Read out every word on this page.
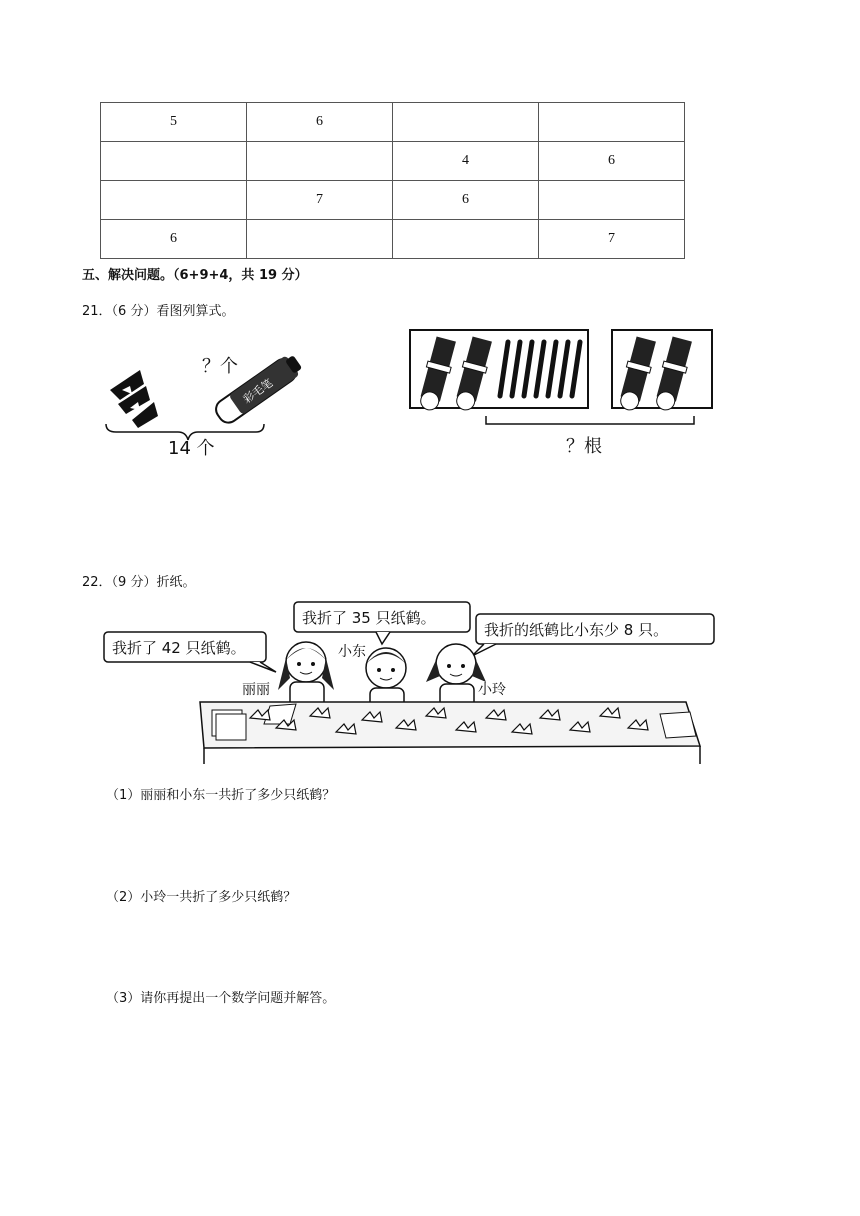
5	6		
		4	6
	7	6	
6			7
五、解决问题。（6+9+4，共 19 分）
21．（6 分）看图列算式。
？个
彩毛笔
14 个	？根
22．（9 分）折纸。
我折了 42 只纸鹤。
我折了 35 只纸鹤。
我折的纸鹤比小东少 8 只。
丽丽
小东
小玲
（1）丽丽和小东一共折了多少只纸鹤？
（2）小玲一共折了多少只纸鹤？
（3）请你再提出一个数学问题并解答。
